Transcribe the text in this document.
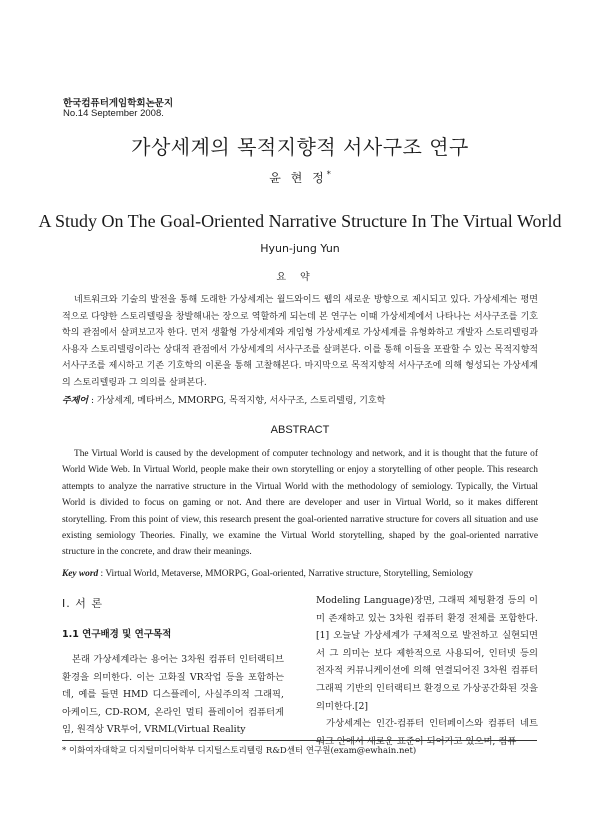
한국컴퓨터게임학회논문지
No.14 September 2008.
가상세계의 목적지향적 서사구조 연구
윤 현 정*
A Study On The Goal-Oriented Narrative Structure In The Virtual World
Hyun-jung Yun
요약

네트워크와 기술의 발전을 통해 도래한 가상세계는 월드와이드 웹의 새로운 방향으로 제시되고 있다. 가상세계는 평면적으로 다양한 스토리텔링을 창발해내는 장으로 역할하게 되는데 본 연구는 이때 가상세계에서 나타나는 서사구조를 기호학의 관점에서 살펴보고자 한다. 먼저 생활형 가상세계와 게임형 가상세계로 가상세계를 유형화하고 개발자 스토리텔링과 사용자 스토리텔링이라는 상대적 관점에서 가상세계의 서사구조를 살펴본다. 이를 통해 이들을 포괄할 수 있는 목적지향적 서사구조를 제시하고 기존 기호학의 이론을 통해 고찰해본다. 마지막으로 목적지향적 서사구조에 의해 형성되는 가상세계의 스토리텔링과 그 의의를 살펴본다.

주제어 : 가상세계, 메타버스, MMORPG, 목적지향, 서사구조, 스토리텔링, 기호학
ABSTRACT

The Virtual World is caused by the development of computer technology and network, and it is thought that the future of World Wide Web. In Virtual World, people make their own storytelling or enjoy a storytelling of other people. This research attempts to analyze the narrative structure in the Virtual World with the methodology of semiology. Typically, the Virtual World is divided to focus on gaming or not. And there are developer and user in Virtual World, so it makes different storytelling. From this point of view, this research present the goal-oriented narrative structure for covers all situation and use existing semiology Theories. Finally, we examine the Virtual World storytelling, shaped by the goal-oriented narrative structure in the concrete, and draw their meanings.

Key word : Virtual World, Metaverse, MMORPG, Goal-oriented, Narrative structure, Storytelling, Semiology
Ⅰ. 서 론
1.1 연구배경 및 연구목적

본래 가상세계라는 용어는 3차원 컴퓨터 인터랙티브 환경을 의미한다. 이는 고화질 VR작업 등을 포함하는데, 예를 들면 HMD 디스플레이, 사실주의적 그래픽, 아케이드, CD-ROM, 온라인 멀티 플레이어 컴퓨터게임, 원격상 VR투어, VRML(Virtual Reality

Modeling Language)장면, 그래픽 체팅환경 등의 이미 존재하고 있는 3차원 컴퓨터 환경 전체를 포함한다.[1] 오늘날 가상세계가 구체적으로 발전하고 실현되면서 그 의미는 보다 제한적으로 사용되어, 인터넷 등의 전자적 커뮤니케이션에 의해 연결되어진 3차원 컴퓨터 그래픽 기반의 인터랙티브 환경으로 가상공간화된 것을 의미한다.[2]

가상세계는 인간-컴퓨터 인터페이스와 컴퓨터 네트워크 안에서 새로운 표준이 되어가고 있으며, 컴퓨

* 이화여자대학교 디지털미디어학부 디지털스토리텔링 R&D센터 연구원(exam@ewhain.net)
